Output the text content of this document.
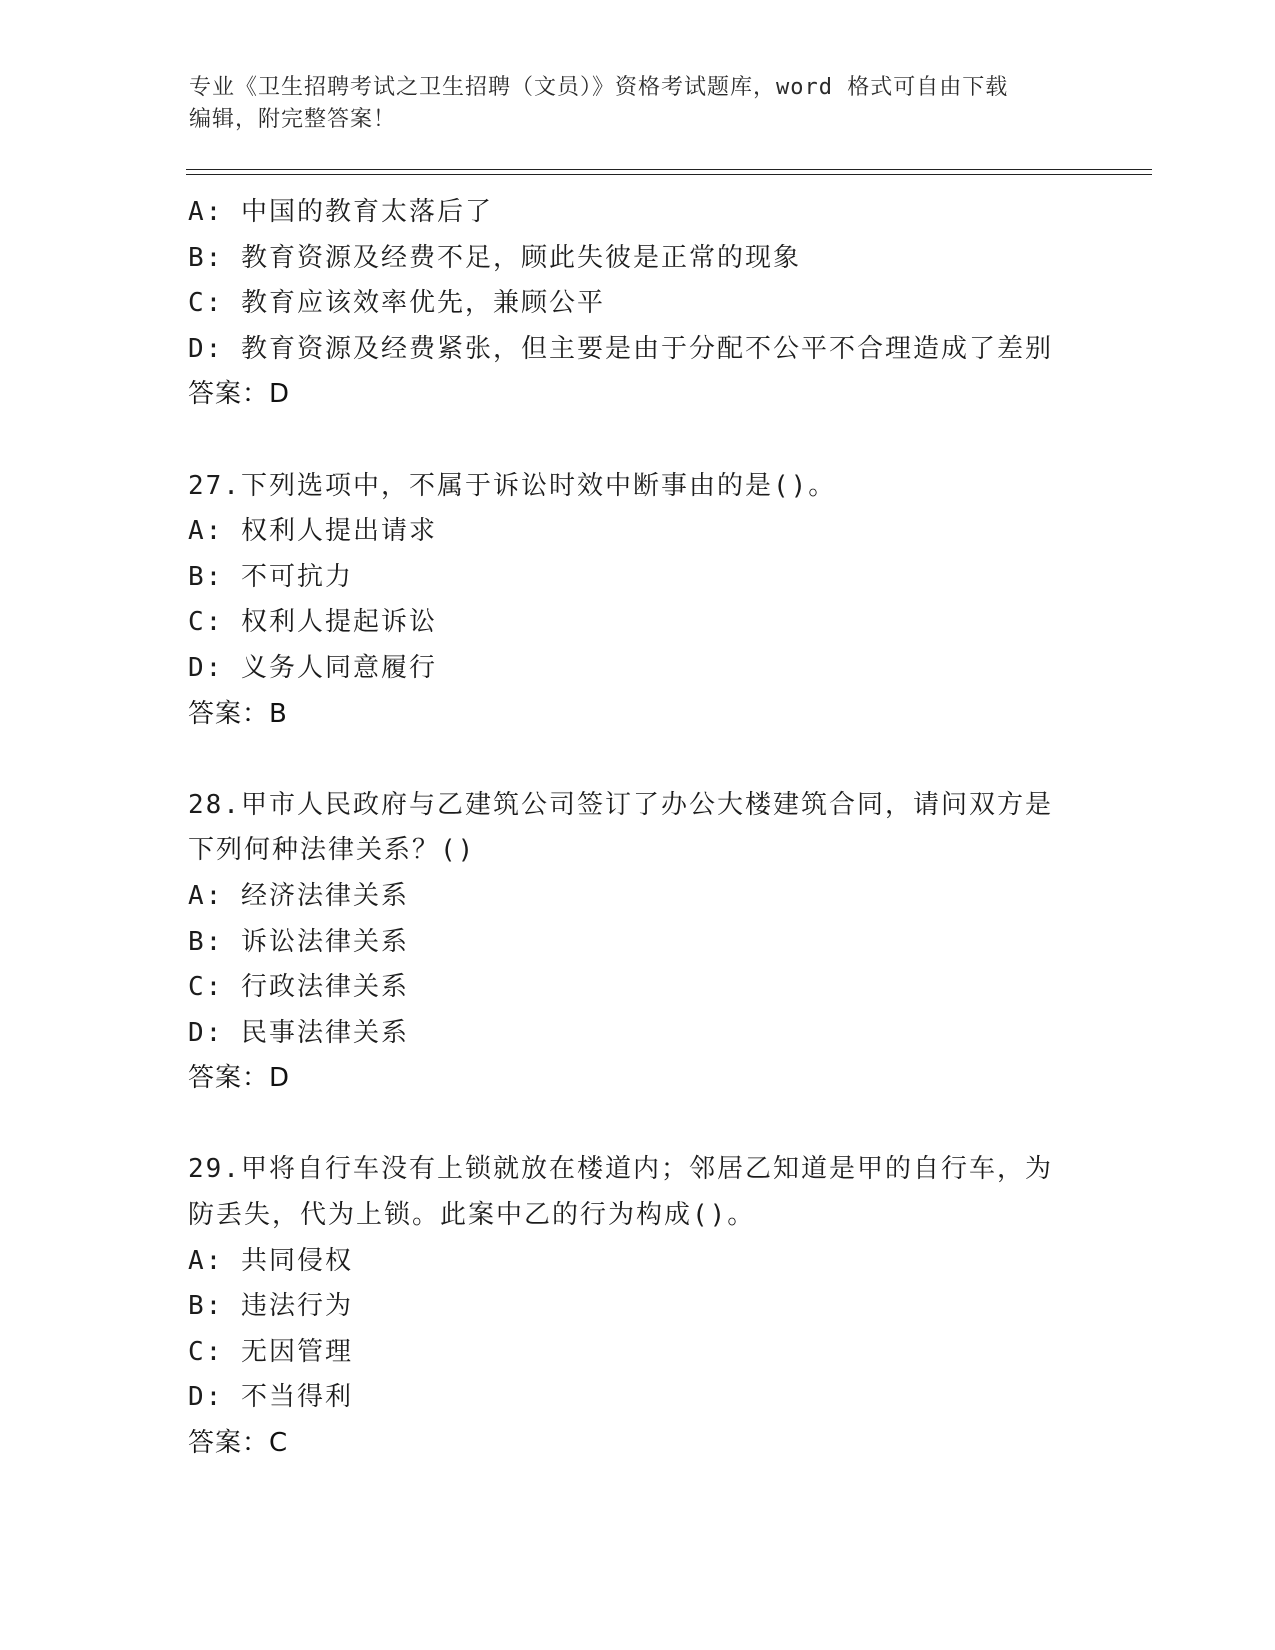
专业《卫生招聘考试之卫生招聘（文员）》资格考试题库，word 格式可自由下载
编辑，附完整答案！
A: 中国的教育太落后了
B: 教育资源及经费不足，顾此失彼是正常的现象
C: 教育应该效率优先，兼顾公平
D: 教育资源及经费紧张，但主要是由于分配不公平不合理造成了差别
答案：D
27.下列选项中，不属于诉讼时效中断事由的是()。
A: 权利人提出请求
B: 不可抗力
C: 权利人提起诉讼
D: 义务人同意履行
答案：B
28.甲市人民政府与乙建筑公司签订了办公大楼建筑合同，请问双方是
下列何种法律关系？()
A: 经济法律关系
B: 诉讼法律关系
C: 行政法律关系
D: 民事法律关系
答案：D
29.甲将自行车没有上锁就放在楼道内；邻居乙知道是甲的自行车，为
防丢失，代为上锁。此案中乙的行为构成()。
A: 共同侵权
B: 违法行为
C: 无因管理
D: 不当得利
答案：C
